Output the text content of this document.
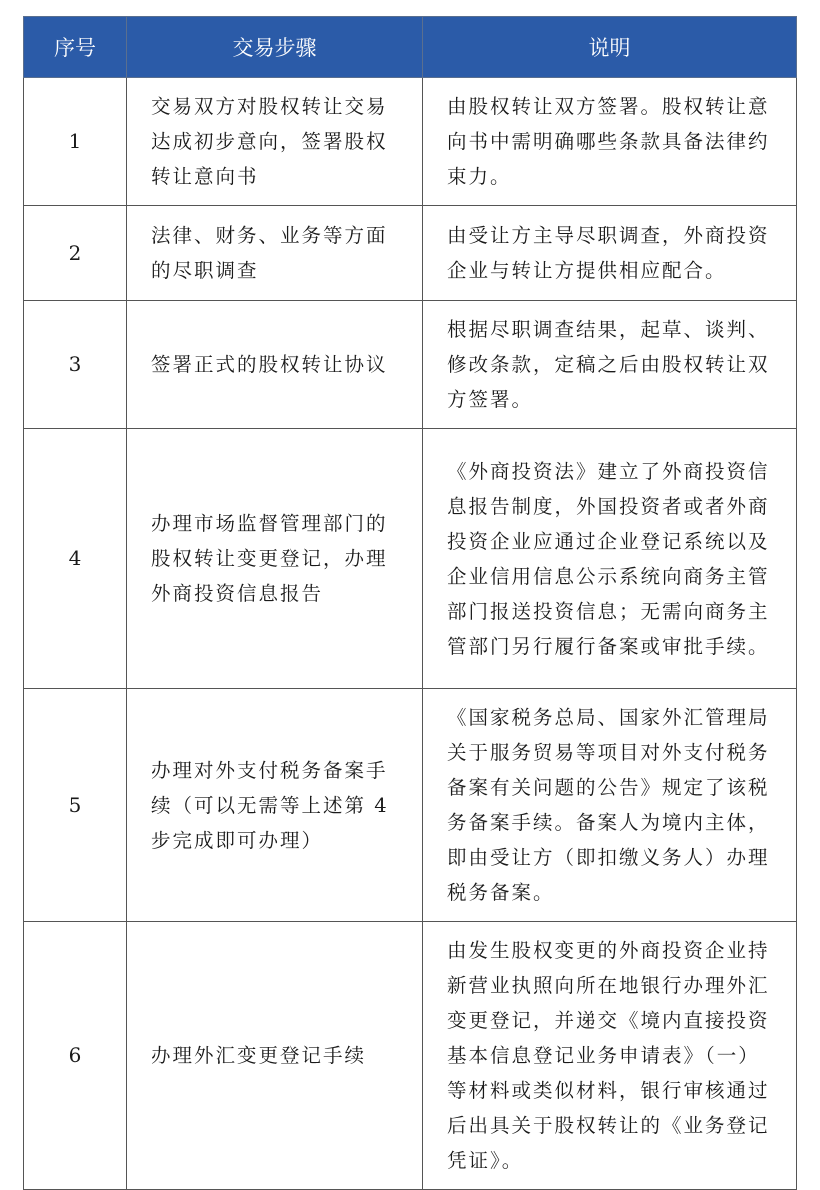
序号	交易步骤	说明
1	交易双方对股权转让交易达成初步意向，签署股权转让意向书	由股权转让双方签署。股权转让意向书中需明确哪些条款具备法律约束力。
2	法律、财务、业务等方面的尽职调查	由受让方主导尽职调查，外商投资企业与转让方提供相应配合。
3	签署正式的股权转让协议	根据尽职调查结果，起草、谈判、修改条款，定稿之后由股权转让双方签署。
4	办理市场监督管理部门的股权转让变更登记，办理外商投资信息报告	《外商投资法》建立了外商投资信息报告制度，外国投资者或者外商投资企业应通过企业登记系统以及企业信用信息公示系统向商务主管部门报送投资信息；无需向商务主管部门另行履行备案或审批手续。
5	办理对外支付税务备案手续（可以无需等上述第 4 步完成即可办理）	《国家税务总局、国家外汇管理局关于服务贸易等项目对外支付税务备案有关问题的公告》规定了该税务备案手续。备案人为境内主体，即由受让方（即扣缴义务人）办理税务备案。
6	办理外汇变更登记手续	由发生股权变更的外商投资企业持新营业执照向所在地银行办理外汇变更登记，并递交《境内直接投资基本信息登记业务申请表》（一）等材料或类似材料，银行审核通过后出具关于股权转让的《业务登记凭证》。
